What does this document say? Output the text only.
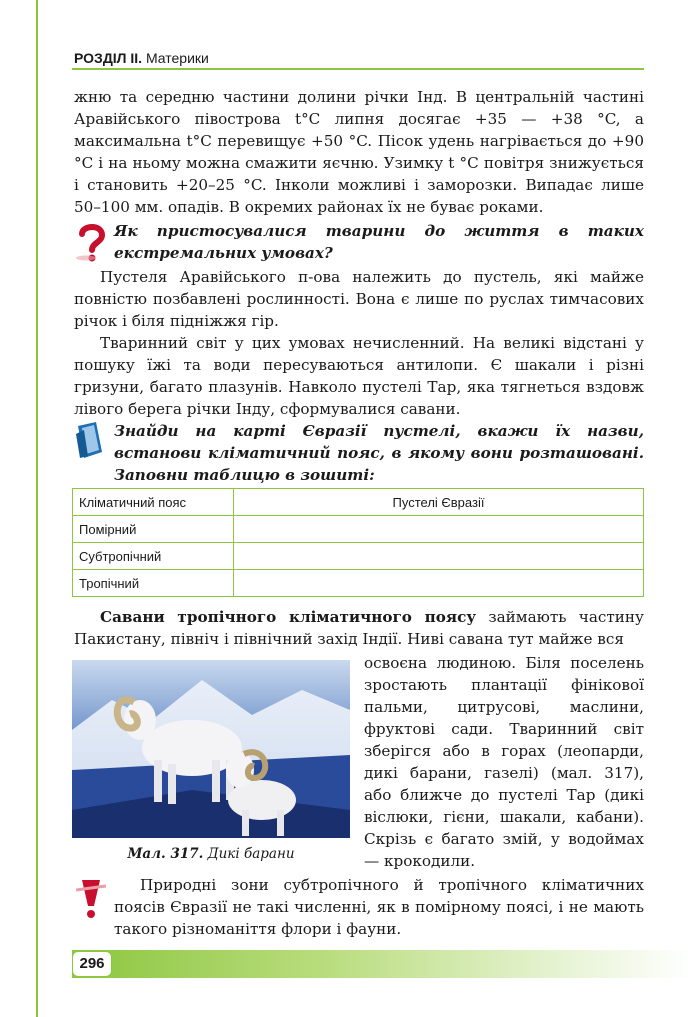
РОЗДІЛ ІІ. Материки

жню та середню частини долини річки Інд. В центральній частині Аравійського півострова t°C липня досягає +35 — +38 °C, а максимальна t°C перевищує +50 °C. Пісок удень нагрівається до +90 °C і на ньому можна смажити яєчню. Узимку t °C повітря знижується і становить +20–25 °C. Інколи можливі і заморозки. Випадає лише 50–100 мм. опадів. В окремих районах їх не буває роками.

Як пристосувалися тварини до життя в таких екстремальних умовах?

Пустеля Аравійського п-ова належить до пустель, які майже повністю позбавлені рослинності. Вона є лише по руслах тимчасових річок і біля підніжжя гір.

Тваринний світ у цих умовах нечисленний. На великі відстані у пошуку їжі та води пересуваються антилопи. Є шакали і різні гризуни, багато плазунів. Навколо пустелі Тар, яка тягнеться вздовж лівого берега річки Інду, сформувалися савани.

Знайди на карті Євразії пустелі, вкажи їх назви, встанови кліматичний пояс, в якому вони розташовані. Заповни таблицю в зошиті:

Кліматичний пояс	Пустелі Євразії
Помірний	
Субтропічний	
Тропічний	

Савани тропічного кліматичного поясу займають частину Пакистану, північ і північний захід Індії. Ниві савана тут майже вся

Мал. 317. Дикі барани

освоєна людиною. Біля поселень зростають плантації фінікової пальми, цитрусові, маслини, фруктові сади. Тваринний світ зберігся або в горах (леопарди, дикі барани, газелі) (мал. 317), або ближче до пустелі Тар (дикі віслюки, гієни, шакали, кабани). Скрізь є багато змій, у водоймах — крокодили.

Природні зони субтропічного й тропічного кліматичних поясів Євразії не такі численні, як в помірному поясі, і не мають такого різноманіття флори і фауни.

296
